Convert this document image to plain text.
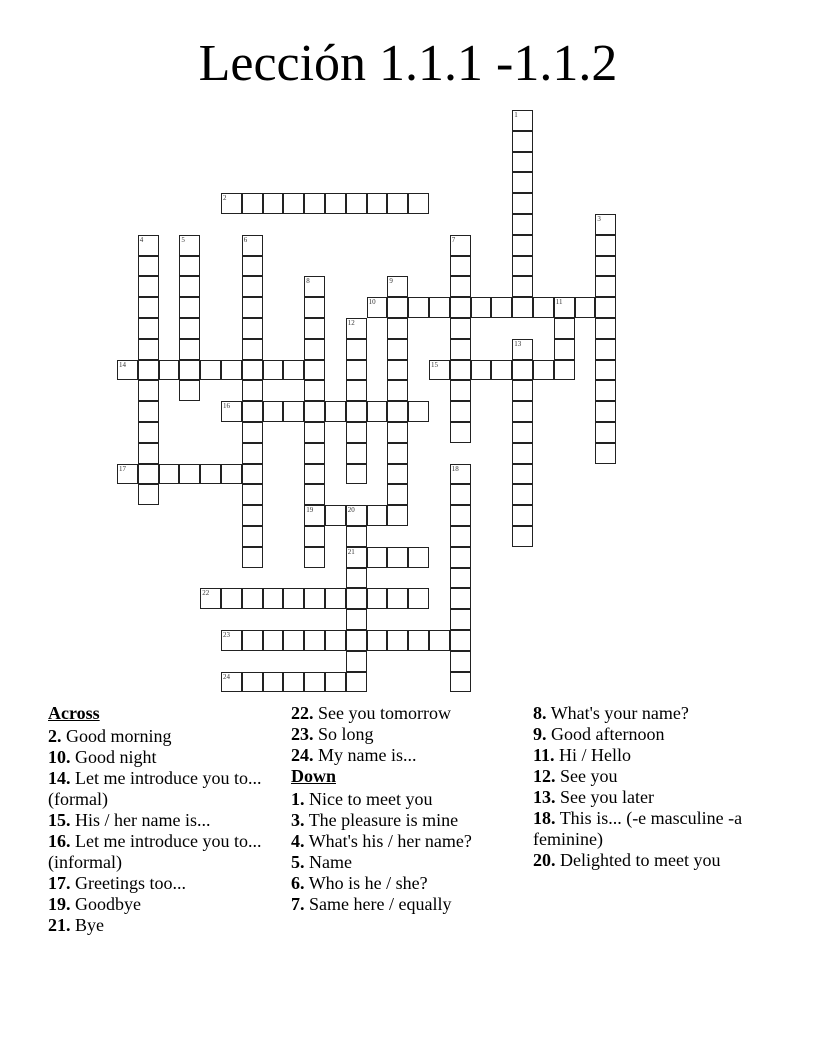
Lección 1.1.1 -1.1.2
1
2
3
4	5	6	7
8
19
9
10	11
12
13
14	15
16
17	18
20
21
22
23
24
Across
2. Good morning
10. Good night
14. Let me introduce you to... (formal)
15. His / her name is...
16. Let me introduce you to... (informal)
17. Greetings too...
19. Goodbye
21. Bye
22. See you tomorrow
23. So long
24. My name is...
Down
1. Nice to meet you
3. The pleasure is mine
4. What's his / her name?
5. Name
6. Who is he / she?
7. Same here / equally
8. What's your name?
9. Good afternoon
11. Hi / Hello
12. See you
13. See you later
18. This is... (-e masculine -a feminine)
20. Delighted to meet you
